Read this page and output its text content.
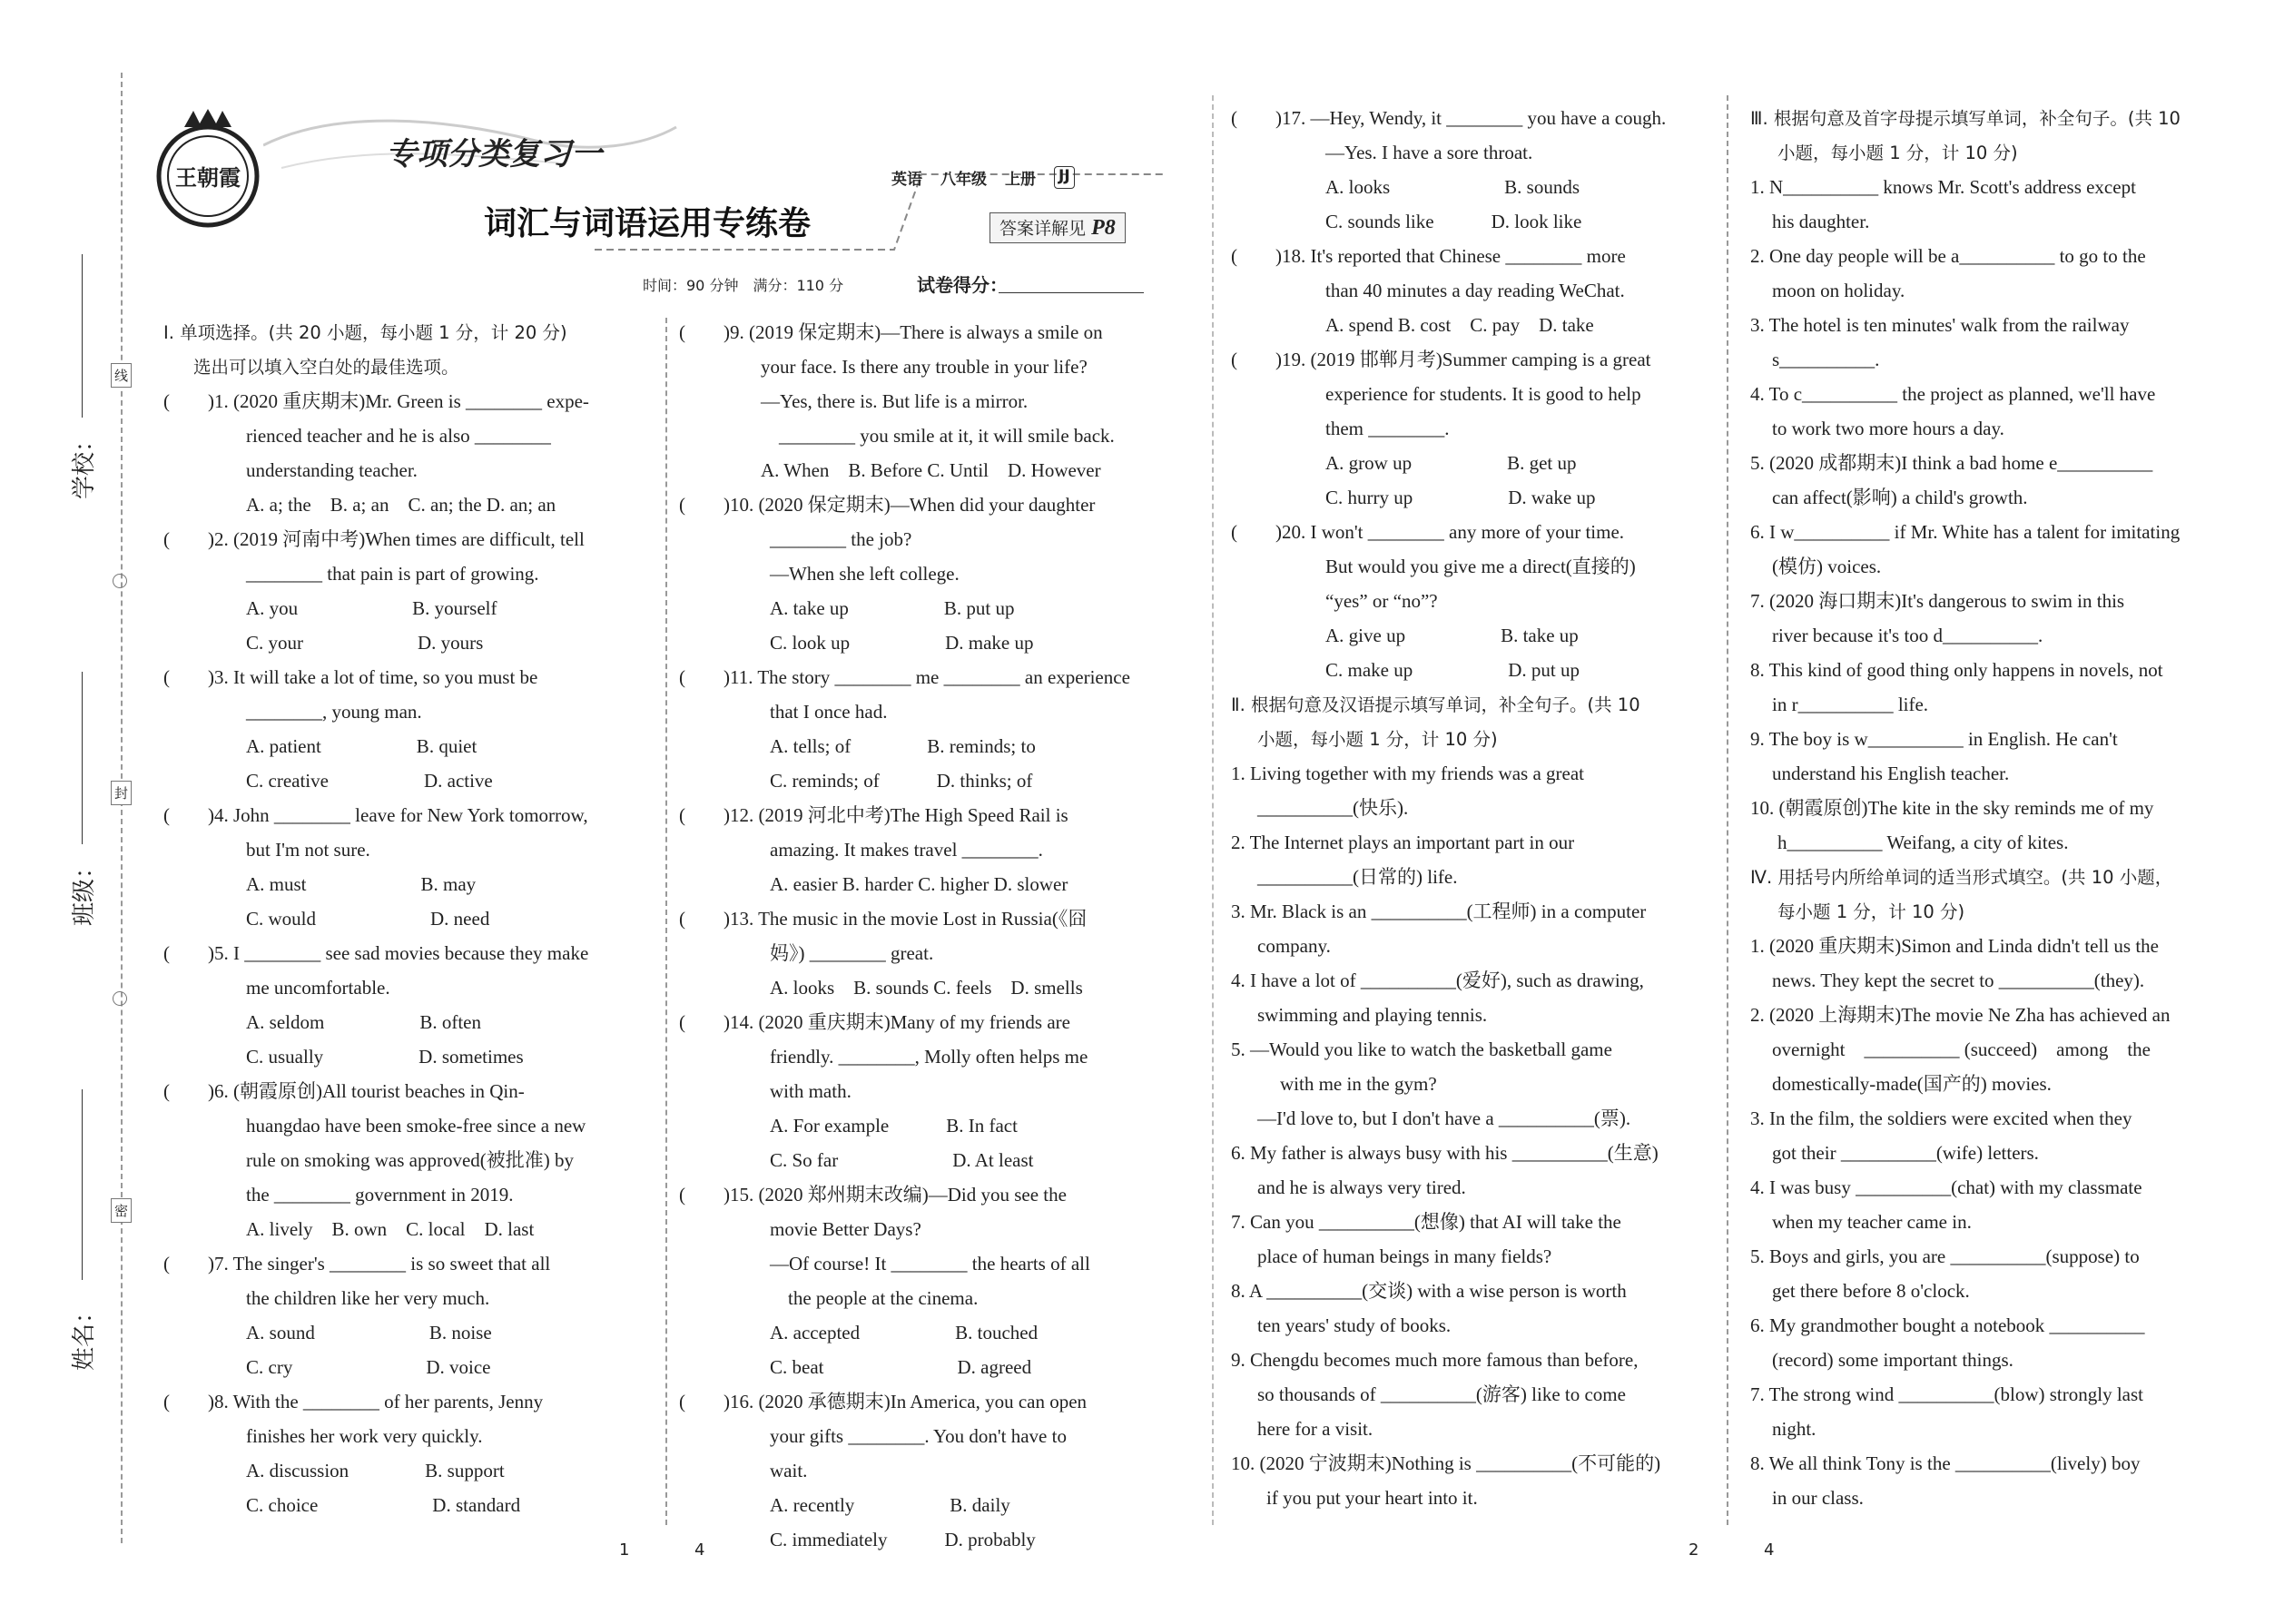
学校：
班级：
姓名：
线
封
密
王朝霞
专项分类复习一
词汇与词语运用专练卷
英语 八年级 上册 JJ
答案详解见 P8
时间：90 分钟　满分：110 分	试卷得分：
Ⅰ. 单项选择。(共 20 小题，每小题 1 分，计 20 分)
选出可以填入空白处的最佳选项。
(　　)1. (2020 重庆期末)Mr. Green is ________ expe-
rienced teacher and he is also ________
understanding teacher.
A. a; the　B. a; an　C. an; the D. an; an
(　　)2. (2019 河南中考)When times are difficult, tell
________ that pain is part of growing.
A. you　　　　　　B. yourself
C. your　　　　　　D. yours
(　　)3. It will take a lot of time, so you must be
________, young man.
A. patient　　　　　B. quiet
C. creative　　　　　D. active
(　　)4. John ________ leave for New York tomorrow,
but I'm not sure.
A. must　　　　　　B. may
C. would　　　　　　D. need
(　　)5. I ________ see sad movies because they make
me uncomfortable.
A. seldom　　　　　B. often
C. usually　　　　　D. sometimes
(　　)6. (朝霞原创)All tourist beaches in Qin-
huangdao have been smoke-free since a new
rule on smoking was approved(被批准) by
the ________ government in 2019.
A. lively　B. own　C. local　D. last
(　　)7. The singer's ________ is so sweet that all
the children like her very much.
A. sound　　　　　　B. noise
C. cry　　　　　　　D. voice
(　　)8. With the ________ of her parents, Jenny
finishes her work very quickly.
A. discussion　　　　B. support
C. choice　　　　　　D. standard
(　　)9. (2019 保定期末)—There is always a smile on
your face. Is there any trouble in your life?
—Yes, there is. But life is a mirror.
________ you smile at it, it will smile back.
A. When　B. Before C. Until　D. However
(　　)10. (2020 保定期末)—When did your daughter
________ the job?
—When she left college.
A. take up　　　　　B. put up
C. look up　　　　　D. make up
(　　)11. The story ________ me ________ an experience
that I once had.
A. tells; of　　　　B. reminds; to
C. reminds; of　　　D. thinks; of
(　　)12. (2019 河北中考)The High Speed Rail is
amazing. It makes travel ________.
A. easier B. harder C. higher D. slower
(　　)13. The music in the movie Lost in Russia(《囧
妈》) ________ great.
A. looks　B. sounds C. feels　D. smells
(　　)14. (2020 重庆期末)Many of my friends are
friendly. ________, Molly often helps me
with math.
A. For example　　　B. In fact
C. So far　　　　　　D. At least
(　　)15. (2020 郑州期末改编)—Did you see the
movie Better Days?
—Of course! It ________ the hearts of all
the people at the cinema.
A. accepted　　　　　B. touched
C. beat　　　　　　　D. agreed
(　　)16. (2020 承德期末)In America, you can open
your gifts ________. You don't have to
wait.
A. recently　　　　　B. daily
C. immediately　　　D. probably
(　　)17. —Hey, Wendy, it ________ you have a cough.
—Yes. I have a sore throat.
A. looks　　　　　　B. sounds
C. sounds like　　　D. look like
(　　)18. It's reported that Chinese ________ more
than 40 minutes a day reading WeChat.
A. spend B. cost　C. pay　D. take
(　　)19. (2019 邯郸月考)Summer camping is a great
experience for students. It is good to help
them ________.
A. grow up　　　　　B. get up
C. hurry up　　　　　D. wake up
(　　)20. I won't ________ any more of your time.
But would you give me a direct(直接的)
“yes” or “no”?
A. give up　　　　　B. take up
C. make up　　　　　D. put up
Ⅱ. 根据句意及汉语提示填写单词，补全句子。(共 10
小题，每小题 1 分，计 10 分)
1. Living together with my friends was a great
__________(快乐).
2. The Internet plays an important part in our
__________(日常的) life.
3. Mr. Black is an __________(工程师) in a computer
company.
4. I have a lot of __________(爱好), such as drawing,
swimming and playing tennis.
5. —Would you like to watch the basketball game
with me in the gym?
—I'd love to, but I don't have a __________(票).
6. My father is always busy with his __________(生意)
and he is always very tired.
7. Can you __________(想像) that AI will take the
place of human beings in many fields?
8. A __________(交谈) with a wise person is worth
ten years' study of books.
9. Chengdu becomes much more famous than before,
so thousands of __________(游客) like to come
here for a visit.
10. (2020 宁波期末)Nothing is __________(不可能的)
if you put your heart into it.
Ⅲ. 根据句意及首字母提示填写单词，补全句子。(共 10
小题，每小题 1 分，计 10 分)
1. N__________ knows Mr. Scott's address except
his daughter.
2. One day people will be a__________ to go to the
moon on holiday.
3. The hotel is ten minutes' walk from the railway
s__________.
4. To c__________ the project as planned, we'll have
to work two more hours a day.
5. (2020 成都期末)I think a bad home e__________
can affect(影响) a child's growth.
6. I w__________ if Mr. White has a talent for imitating
(模仿) voices.
7. (2020 海口期末)It's dangerous to swim in this
river because it's too d__________.
8. This kind of good thing only happens in novels, not
in r__________ life.
9. The boy is w__________ in English. He can't
understand his English teacher.
10. (朝霞原创)The kite in the sky reminds me of my
h__________ Weifang, a city of kites.
Ⅳ. 用括号内所给单词的适当形式填空。(共 10 小题，
每小题 1 分，计 10 分)
1. (2020 重庆期末)Simon and Linda didn't tell us the
news. They kept the secret to __________(they).
2. (2020 上海期末)The movie Ne Zha has achieved an
overnight　__________ (succeed)　among　the
domestically-made(国产的) movies.
3. In the film, the soldiers were excited when they
got their __________(wife) letters.
4. I was busy __________(chat) with my classmate
when my teacher came in.
5. Boys and girls, you are __________(suppose) to
get there before 8 o'clock.
6. My grandmother bought a notebook __________
(record) some important things.
7. The strong wind __________(blow) strongly last
night.
8. We all think Tony is the __________(lively) boy
in our class.
1	4	2	4
